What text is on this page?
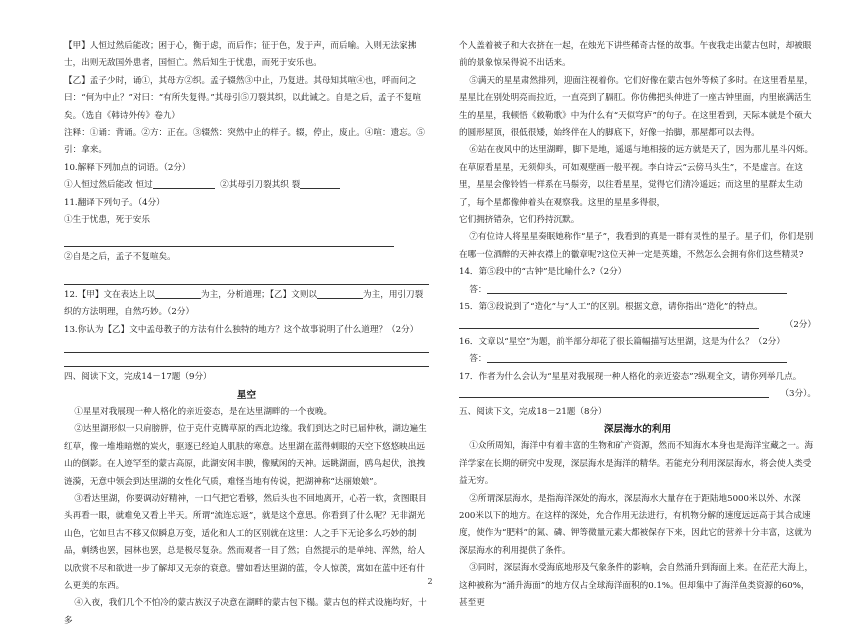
【甲】人恒过然后能改；困于心，衡于虑，而后作；征于色，发于声，而后喻。入则无法家拂士，出则无敌国外患者，国恒亡。然后知生于忧患，而死于安乐也。

【乙】孟子少时，诵①，其母方②织。孟子辍然③中止，乃复进。其母知其喧④也，呼而问之曰：“何为中止？”对曰：“有所失复得。”其母引⑤刀裂其织，以此诫之。自是之后，孟子不复喧矣。（选自《韩诗外传》卷九）

注释：①诵：背诵。②方：正在。③辍然：突然中止的样子。辍，停止，废止。④喧：遗忘。⑤引：拿来。

10.解释下列加点的词语。（2分）

①人恒过然后能改 恒过	②其母引刀裂其织 裂

11.翻译下列句子。（4分）

①生于忧患，死于安乐

②自是之后，孟子不复喧矣。

12.【甲】文在表达上以	为主，分析道理；【乙】文则以	为主，用引刀裂织的方法明理，自然巧妙。（2分）

13.你认为【乙】文中孟母教子的方法有什么独特的地方？这个故事说明了什么道理？（2分）

四、阅读下文，完成14－17题（9分）

星空

①星星对我展现一种人格化的亲近姿态，是在达里湖畔的一个夜晚。

②达里湖形似一只肩膀胖，位于克什克腾草原的西北边缘。我们到达之时已届仲秋，湖边遍生红草，像一堆堆暗燃的炭火，驱逐已经迫人肌肤的寒意。达里湖在蓝得刺眼的天空下悠悠映出远山的倒影。在人迹罕至的蒙古高原，此湖安闲丰腴，像赋闲的天神。远眺湖面，鸥鸟起伏，浪拽涟漪，无意中领会到达里湖的女性化气质，难怪当地有传说，把湖神称“达丽娘娘”。

③看达里湖，你要调动好精神，一口气把它看够，然后头也不回地离开，心若一软，贪图眼目头再看一眼，就难免又看上半天。所谓“流连忘返”，就是这个意思。你看到了什么呢？无非湖光山色，它如旦古不移又似瞬息万变，适化和人工的区别就在这里：人之手下无论多么巧妙的制品，刺绣也罢，园林也罢，总是极尽复杂。然而观者一目了然；自然提示的是单纯、浑然，给人以欣赏不尽和欲进一步了解却又无奈的衰意。譬如看达里湖的蓝，令人惊羡，寓如在蓝中还有什么更美的东西。

④入夜，我们几个不怕冷的蒙古族汉子决意在湖畔的蒙古包下榻。蒙古包的样式设施均好，十多

个人盖着被子和大衣挤在一起，在烛光下讲些稀奇古怪的故事。午夜我走出蒙古包时，却被眼前的景象惊呆得说不出话来。

⑤满天的星星肃然排列，迎面注视着你。它们好像在蒙古包外等候了多时。在这里看星星，星星比在别处明亮而拉近，一直亮到了膈肛。你仿佛把头伸进了一座古钟里面，内里嵌满活生生的星星，我顿悟《敕勒歌》中为什么有“天似穹庐”的句子。在这里看到，天际本就是个硕大的圆形屋顶，很低很矮，始终伴在人的脚底下，好像一抬脚，那屋都可以去得。

⑥站在夜风中的达里湖畔，脚下是地，遥遥与地相接的远方就是天了，因为那儿星斗闪烁。在草原看星星，无须仰头，可如观壁画一般平视。李白诗云“云傍马头生”，不是虚言。在这里，星星会像铃铛一样系在马鬃旁，以往看星星，觉得它们清冷遥远；而这里的星群太生动了，每个星都像伸着头在观察我。这里的星星多得很，

它们拥挤错杂，它们矜持沉默。

⑦有位诗人将星星奏眠她称作“星子”，我看到的真是一群有灵性的星子。星子们，你们是别在哪一位酒醉的天神衣襟上的徽章呢?这位天神一定是英雄，不然怎么会拥有你们这些精灵?

14．第⑤段中的“古钟”是比喻什么?（2分）

答：

15．第③段说到了“造化”与“人工”的区别。根据文意，请你指出“造化”的特点。

（2分）

16．文章以“星空”为题，前半部分却花了很长篇幅描写达里湖，这是为什么？（2分）

答：

17．作者为什么会认为“星星对我展现一种人格化的亲近姿态”?纵观全文，请你列举几点。

（3分）。

五、阅读下文，完成18－21题（8分）

深层海水的利用

①众所周知，海洋中有着丰富的生物和矿产资源，然而不知海水本身也是海洋宝藏之一。海洋学家在长期的研究中发现，深层海水是海洋的精华。若能充分利用深层海水，将会使人类受益无穷。

②所谓深层海水，是指海洋深处的海水，深层海水大量存在于距陆地5000米以外、水深200米以下的地方。在这样的深处，允合作用无法进行，有机物分解的速度远远高于其合成速度，使作为“肥料”的氮、磷、钾等微量元素大都被保存下来，因此它的营养十分丰富，这就为深层海水的利用提供了条件。

③同时，深层海水受海底地形及气象条件的影响，会自然涌升到海面上来。在茫茫大海上，这种被称为“涌升海面”的地方仅占全球海洋面积的0.1%。但却集中了海洋鱼类资源的60%，甚至更

2
